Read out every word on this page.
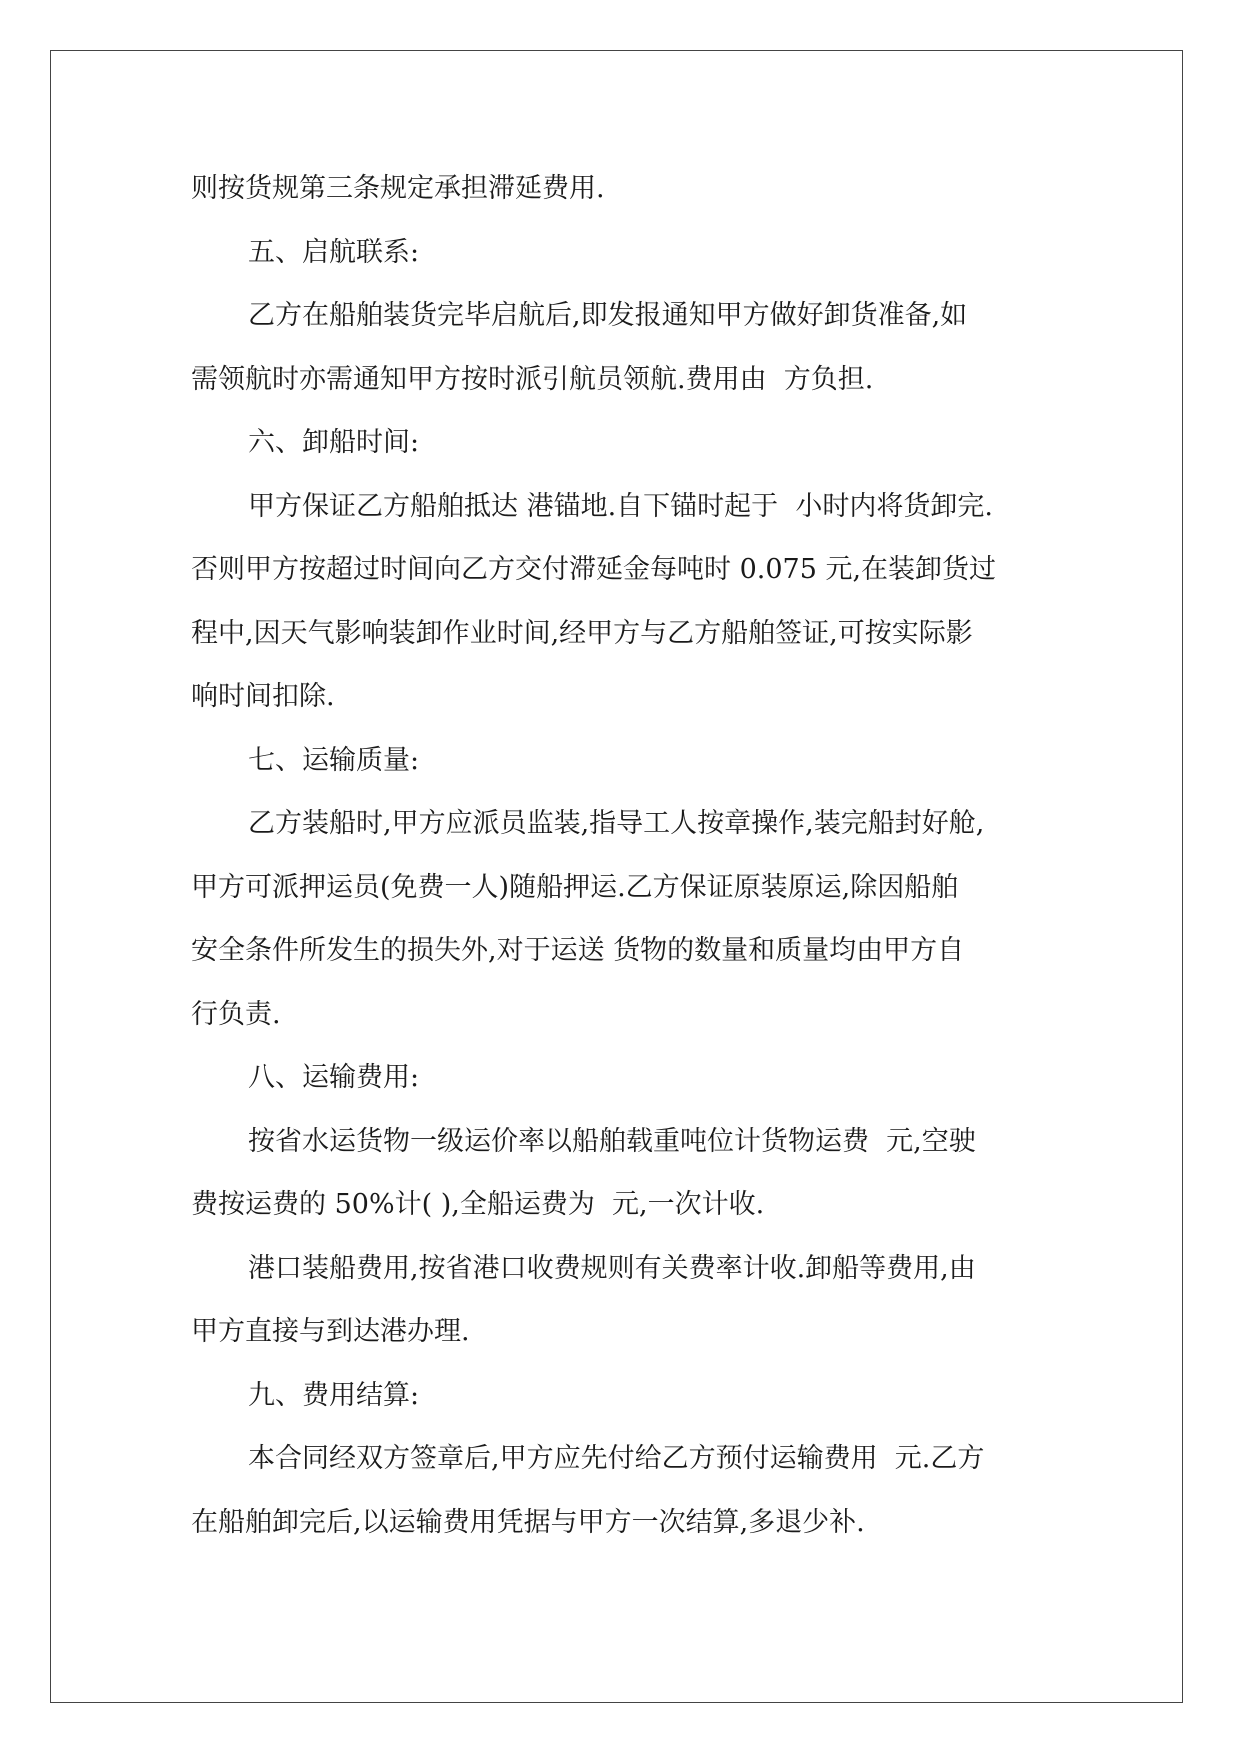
则按货规第三条规定承担滞延费用.
五、启航联系:
乙方在船舶装货完毕启航后,即发报通知甲方做好卸货准备,如
需领航时亦需通知甲方按时派引航员领航.费用由  方负担.
六、卸船时间:
甲方保证乙方船舶抵达 港锚地.自下锚时起于  小时内将货卸完.
否则甲方按超过时间向乙方交付滞延金每吨时 0.075 元,在装卸货过
程中,因天气影响装卸作业时间,经甲方与乙方船舶签证,可按实际影
响时间扣除.
七、运输质量:
乙方装船时,甲方应派员监装,指导工人按章操作,装完船封好舱,
甲方可派押运员(免费一人)随船押运.乙方保证原装原运,除因船舶
安全条件所发生的损失外,对于运送 货物的数量和质量均由甲方自
行负责.
八、运输费用:
按省水运货物一级运价率以船舶载重吨位计货物运费  元,空驶
费按运费的 50%计( ),全船运费为  元,一次计收.
港口装船费用,按省港口收费规则有关费率计收.卸船等费用,由
甲方直接与到达港办理.
九、费用结算:
本合同经双方签章后,甲方应先付给乙方预付运输费用  元.乙方
在船舶卸完后,以运输费用凭据与甲方一次结算,多退少补.
